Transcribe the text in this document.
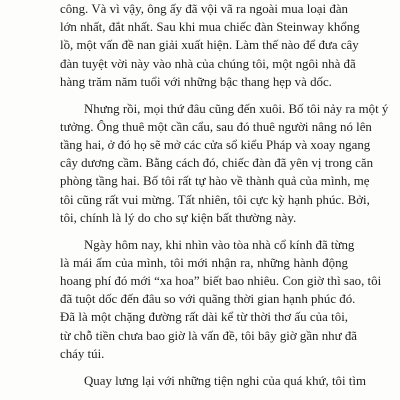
công. Và vì vậy, ông ấy đã vội vã ra ngoài mua loại đàn
lớn nhất, đắt nhất. Sau khi mua chiếc đàn Steinway khổng
lồ, một vấn đề nan giải xuất hiện. Làm thế nào để đưa cây
đàn tuyệt vời này vào nhà của chúng tôi, một ngôi nhà đã
hàng trăm năm tuổi với những bậc thang hẹp và dốc.
Nhưng rồi, mọi thứ đâu cũng đến xuôi. Bố tôi nảy ra một ý
tưởng. Ông thuê một cần cẩu, sau đó thuê người nâng nó lên
tầng hai, ở đó họ sẽ mở các cửa sổ kiểu Pháp và xoay ngang
cây dương cầm. Bằng cách đó, chiếc đàn đã yên vị trong căn
phòng tầng hai. Bố tôi rất tự hào về thành quả của mình, mẹ
tôi cũng rất vui mừng. Tất nhiên, tôi cực kỳ hạnh phúc. Bởi,
tôi, chính là lý do cho sự kiện bất thường này.
Ngày hôm nay, khi nhìn vào tòa nhà cổ kính đã từng
là mái ấm của mình, tôi mới nhận ra, những hành động
hoang phí đó mới “xa hoa” biết bao nhiêu. Con giờ thì sao, tôi
đã tuột dốc đến đâu so với quãng thời gian hạnh phúc đó.
Đã là một chặng đường rất dài kể từ thời thơ ấu của tôi,
từ chỗ tiền chưa bao giờ là vấn đề, tôi bây giờ gần như đã
cháy túi.
Quay lưng lại với những tiện nghi của quá khứ, tôi tìm
